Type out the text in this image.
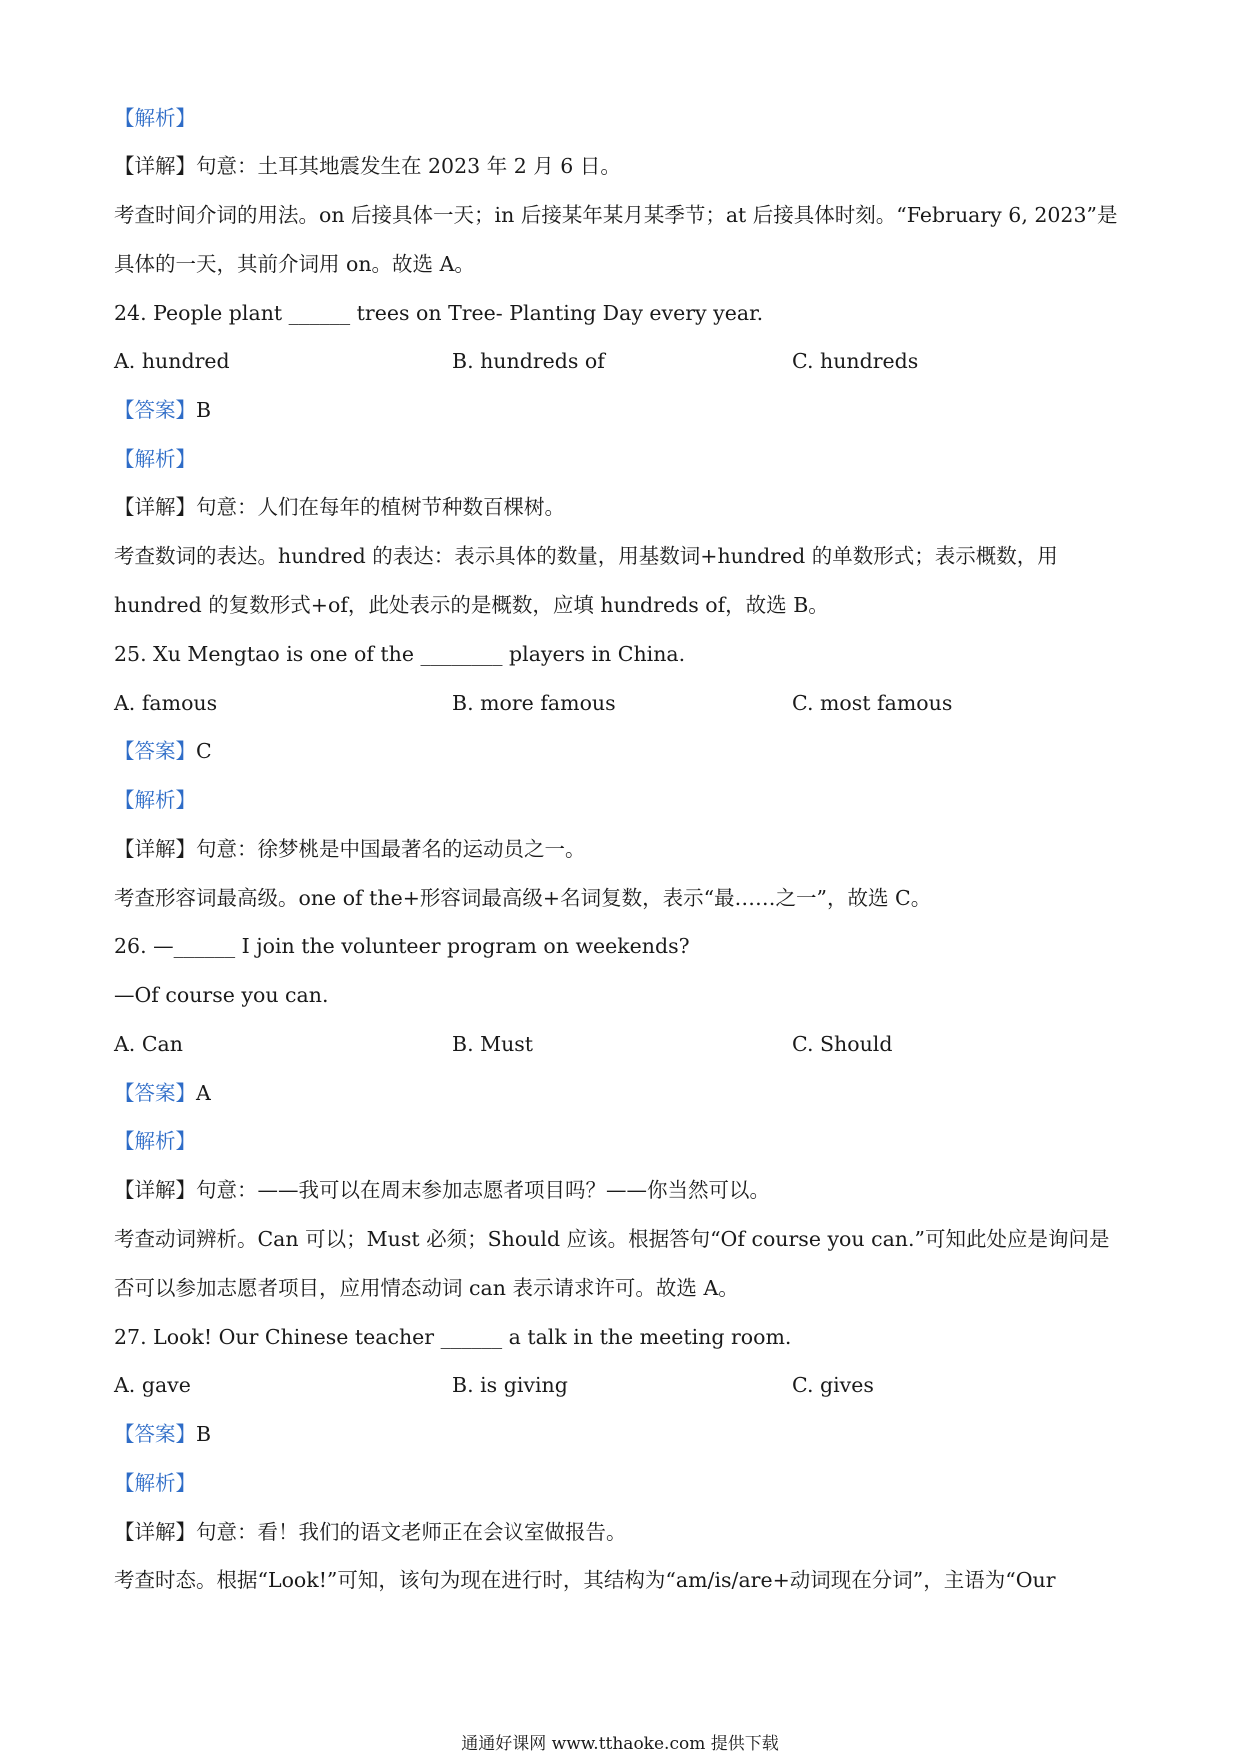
【解析】
【详解】句意：土耳其地震发生在 2023 年 2 月 6 日。
考查时间介词的用法。on 后接具体一天；in 后接某年某月某季节；at 后接具体时刻。“February 6, 2023”是
具体的一天，其前介词用 on。故选 A。
24. People plant ______ trees on Tree- Planting Day every year.
A. hundred	B. hundreds of	C. hundreds
【答案】B
【解析】
【详解】句意：人们在每年的植树节种数百棵树。
考查数词的表达。hundred 的表达：表示具体的数量，用基数词+hundred 的单数形式；表示概数，用
hundred 的复数形式+of，此处表示的是概数，应填 hundreds of，故选 B。
25. Xu Mengtao is one of the ________ players in China.
A. famous	B. more famous	C. most famous
【答案】C
【解析】
【详解】句意：徐梦桃是中国最著名的运动员之一。
考查形容词最高级。one of the+形容词最高级+名词复数，表示“最……之一”，故选 C。
26. —______ I join the volunteer program on weekends?
—Of course you can.
A. Can	B. Must	C. Should
【答案】A
【解析】
【详解】句意：——我可以在周末参加志愿者项目吗？——你当然可以。
考查动词辨析。Can 可以；Must 必须；Should 应该。根据答句“Of course you can.”可知此处应是询问是
否可以参加志愿者项目，应用情态动词 can 表示请求许可。故选 A。
27. Look! Our Chinese teacher ______ a talk in the meeting room.
A. gave	B. is giving	C. gives
【答案】B
【解析】
【详解】句意：看！我们的语文老师正在会议室做报告。
考查时态。根据“Look!”可知，该句为现在进行时，其结构为“am/is/are+动词现在分词”，主语为“Our
通通好课网 www.tthaoke.com 提供下载
